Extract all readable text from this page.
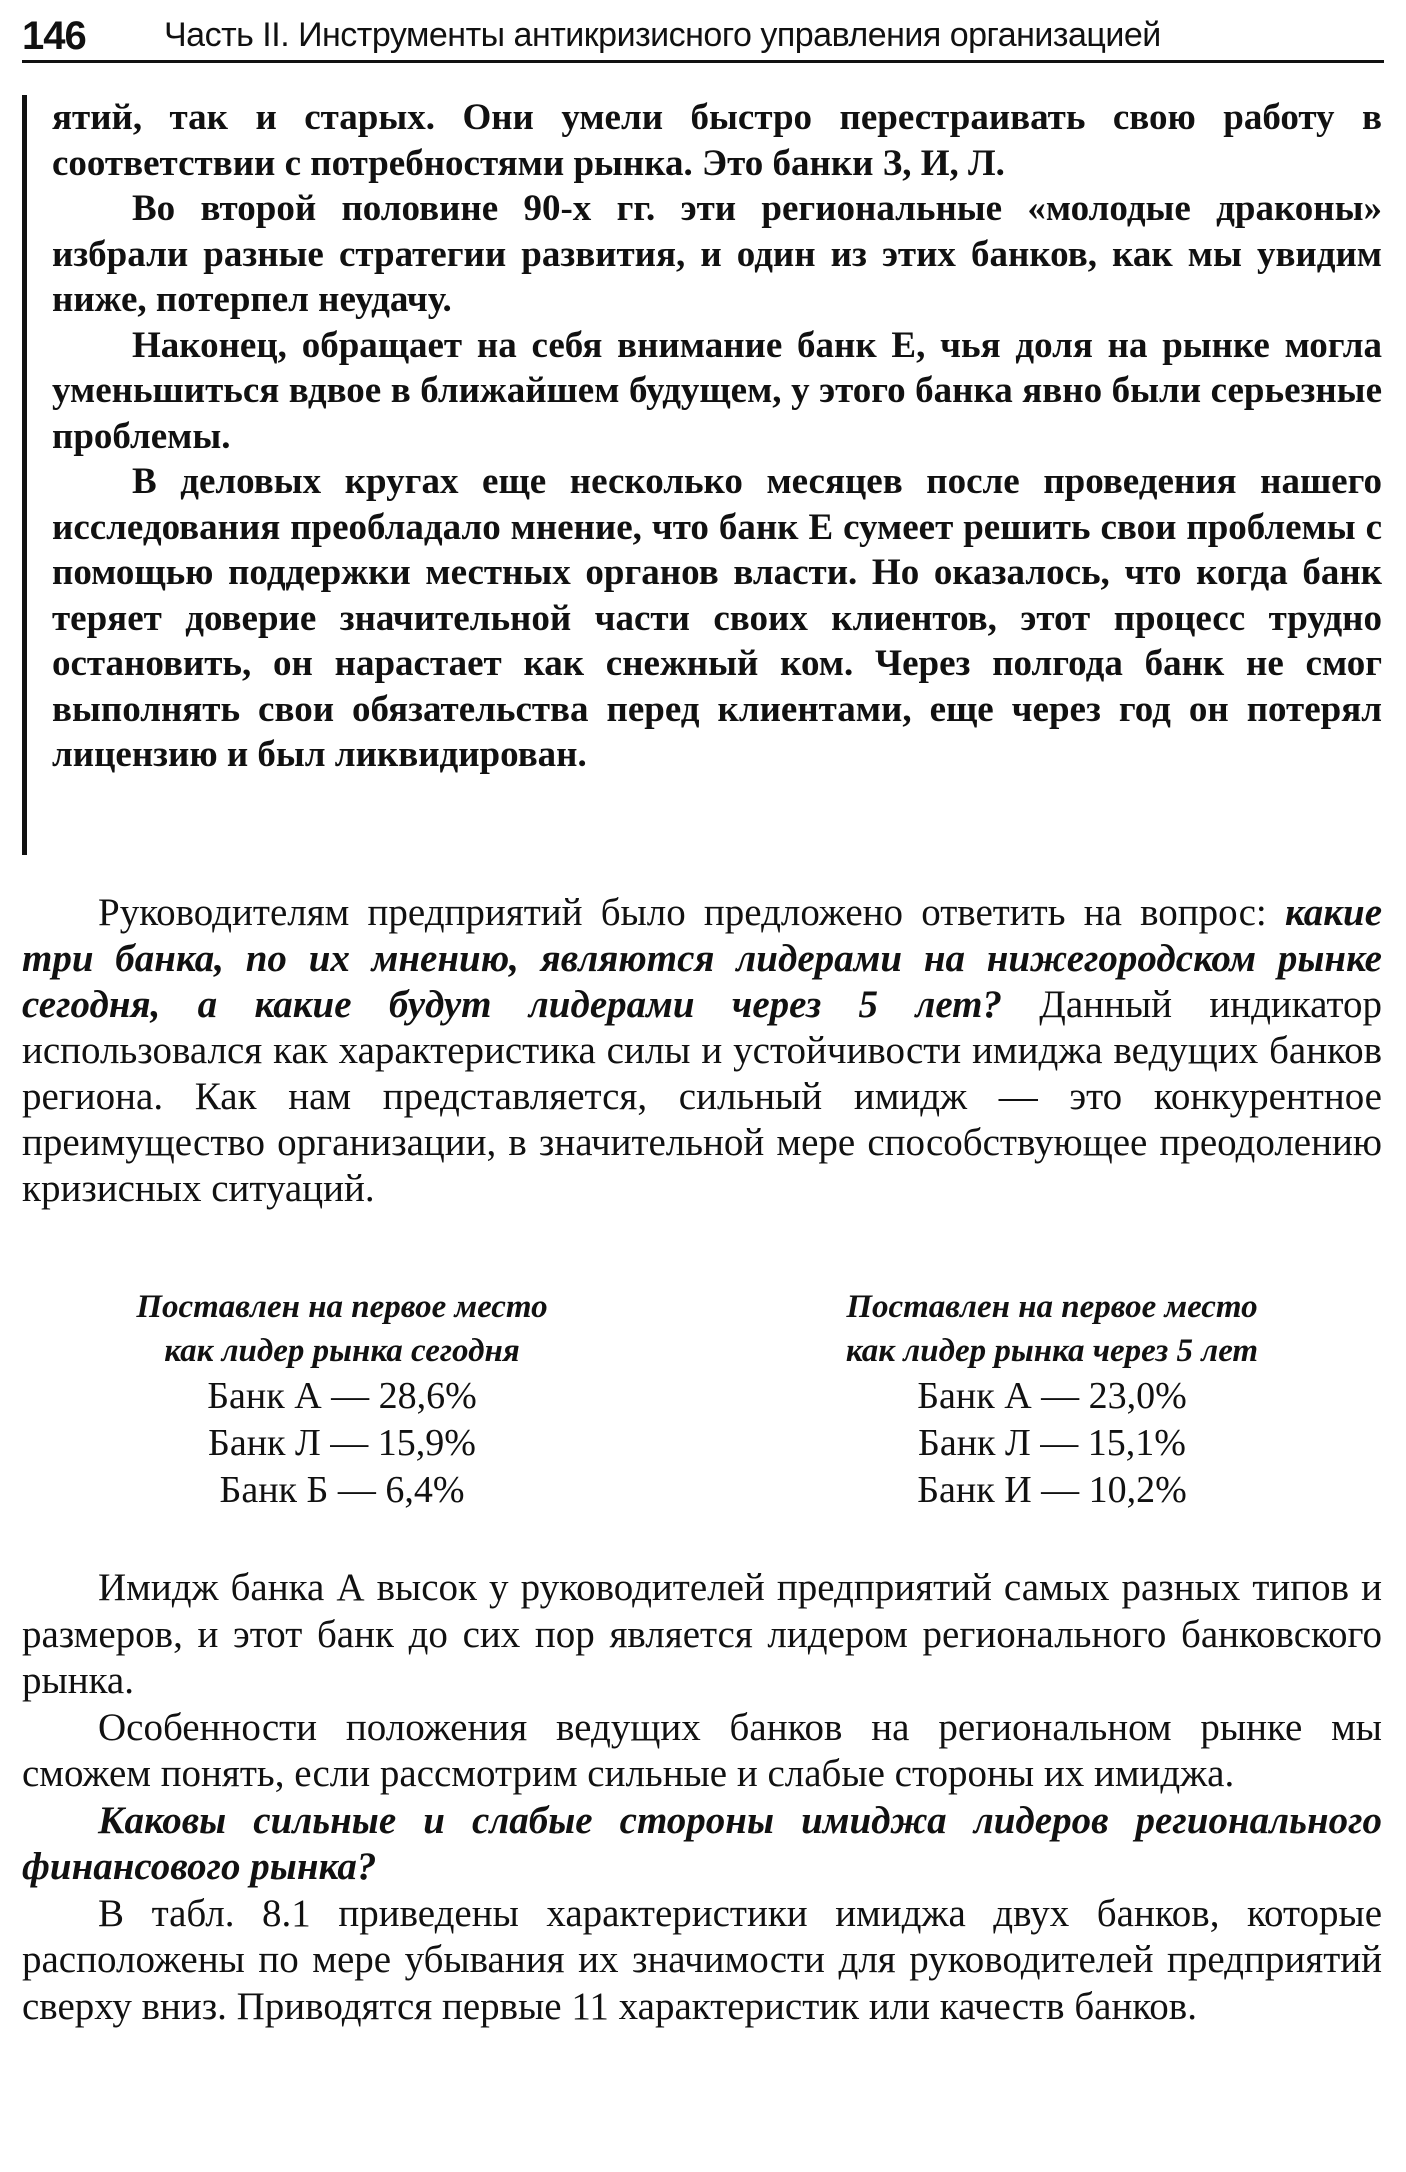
146 Часть II. Инструменты антикризисного управления организацией

ятий, так и старых. Они умели быстро перестраивать свою работу в соответствии с потребностями рынка. Это банки З, И, Л.

Во второй половине 90-х гг. эти региональные «молодые драконы» избрали разные стратегии развития, и один из этих банков, как мы увидим ниже, потерпел неудачу.

Наконец, обращает на себя внимание банк Е, чья доля на рынке могла уменьшиться вдвое в ближайшем будущем, у этого банка явно были серьезные проблемы.

В деловых кругах еще несколько месяцев после проведения нашего исследования преобладало мнение, что банк Е сумеет решить свои проблемы с помощью поддержки местных органов власти. Но оказалось, что когда банк теряет доверие значительной части своих клиентов, этот процесс трудно остановить, он нарастает как снежный ком. Через полгода банк не смог выполнять свои обязательства перед клиентами, еще через год он потерял лицензию и был ликвидирован.

Руководителям предприятий было предложено ответить на вопрос: какие три банка, по их мнению, являются лидерами на нижегородском рынке сегодня, а какие будут лидерами через 5 лет? Данный индикатор использовался как характеристика силы и устойчивости имиджа ведущих банков региона. Как нам представляется, сильный имидж — это конкурентное преимущество организации, в значительной мере способствующее преодолению кризисных ситуаций.

Поставлен на первое место
как лидер рынка сегодня
Банк А — 28,6%
Банк Л — 15,9%
Банк Б — 6,4%
Поставлен на первое место
как лидер рынка через 5 лет
Банк А — 23,0%
Банк Л — 15,1%
Банк И — 10,2%

Имидж банка А высок у руководителей предприятий самых разных типов и размеров, и этот банк до сих пор является лидером регионального банковского рынка.

Особенности положения ведущих банков на региональном рынке мы сможем понять, если рассмотрим сильные и слабые стороны их имиджа.

Каковы сильные и слабые стороны имиджа лидеров регионального финансового рынка?

В табл. 8.1 приведены характеристики имиджа двух банков, которые расположены по мере убывания их значимости для руководителей предприятий сверху вниз. Приводятся первые 11 характеристик или качеств банков.
